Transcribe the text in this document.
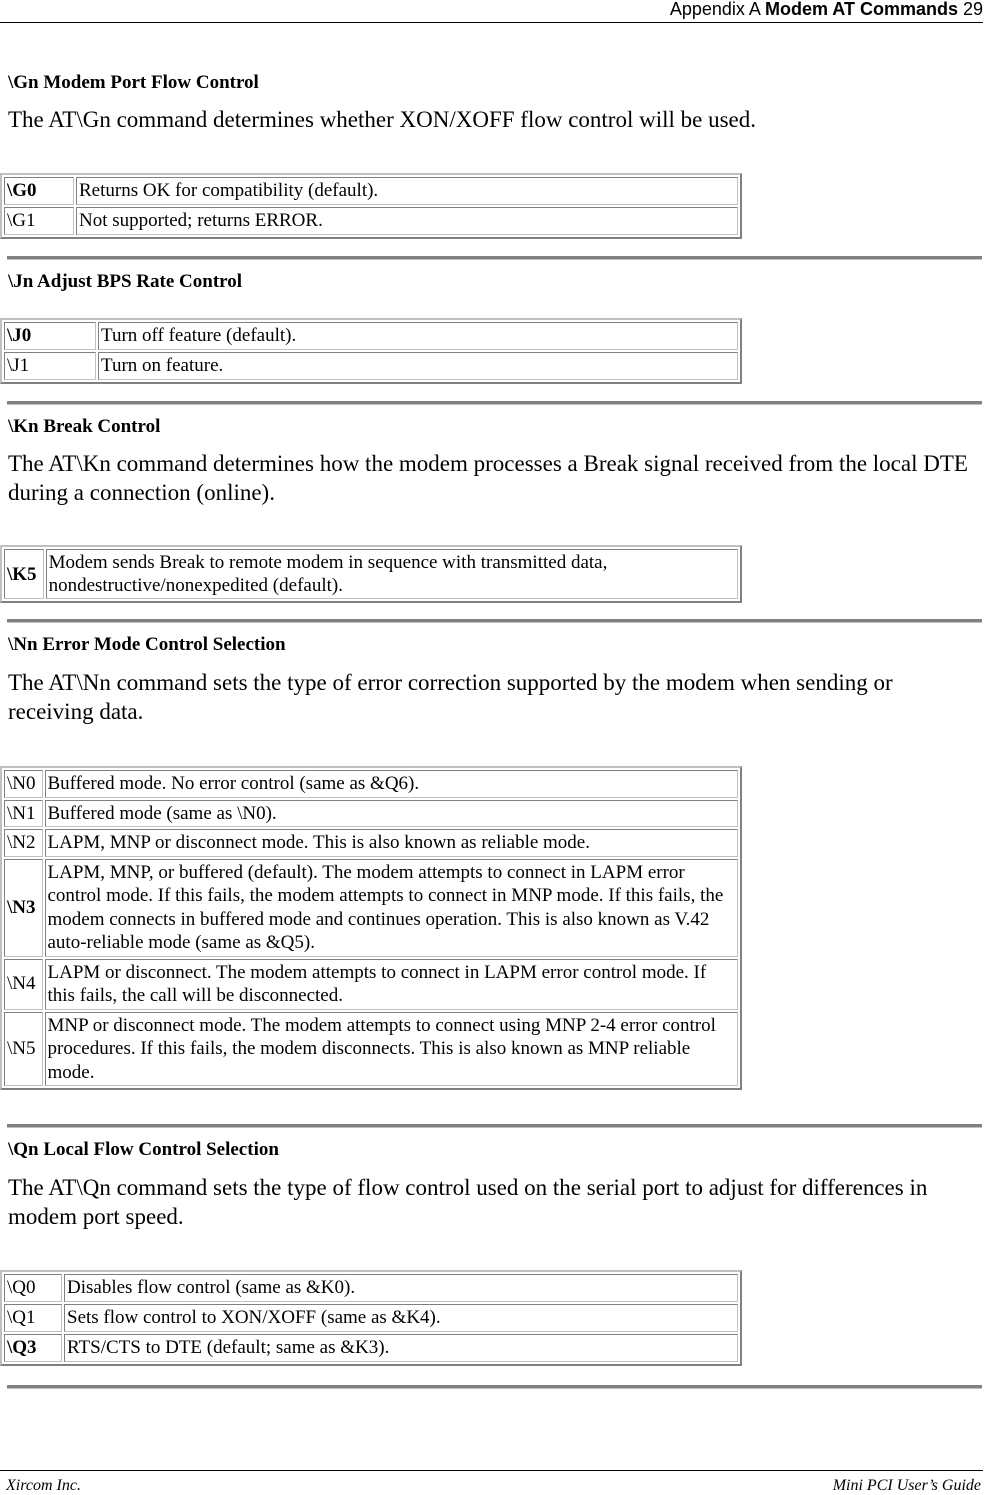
Appendix A Modem AT Commands 29
\Gn Modem Port Flow Control

The AT\Gn command determines whether XON/XOFF flow control will be used.

\G0	Returns OK for compatibility (default).
\G1	Not supported; returns ERROR.
\Jn Adjust BPS Rate Control
\J0	Turn off feature (default).
\J1	Turn on feature.
\Kn Break Control

The AT\Kn command determines how the modem processes a Break signal received from the local DTE during a connection (online).

\K5	Modem sends Break to remote modem in sequence with transmitted data, nondestructive/nonexpedited (default).
\Nn Error Mode Control Selection

The AT\Nn command sets the type of error correction supported by the modem when sending or receiving data.

\N0	Buffered mode. No error control (same as &Q6).
\N1	Buffered mode (same as \N0).
\N2	LAPM, MNP or disconnect mode. This is also known as reliable mode.
\N3	LAPM, MNP, or buffered (default). The modem attempts to connect in LAPM error control mode. If this fails, the modem attempts to connect in MNP mode. If this fails, the modem connects in buffered mode and continues operation. This is also known as V.42 auto-reliable mode (same as &Q5).
\N4	LAPM or disconnect. The modem attempts to connect in LAPM error control mode. If this fails, the call will be disconnected.
\N5	MNP or disconnect mode. The modem attempts to connect using MNP 2-4 error control procedures. If this fails, the modem disconnects. This is also known as MNP reliable mode.
\Qn Local Flow Control Selection

The AT\Qn command sets the type of flow control used on the serial port to adjust for differences in modem port speed.

\Q0	Disables flow control (same as &K0).
\Q1	Sets flow control to XON/XOFF (same as &K4).
\Q3	RTS/CTS to DTE (default; same as &K3).
Xircom Inc.	Mini PCI User’s Guide
